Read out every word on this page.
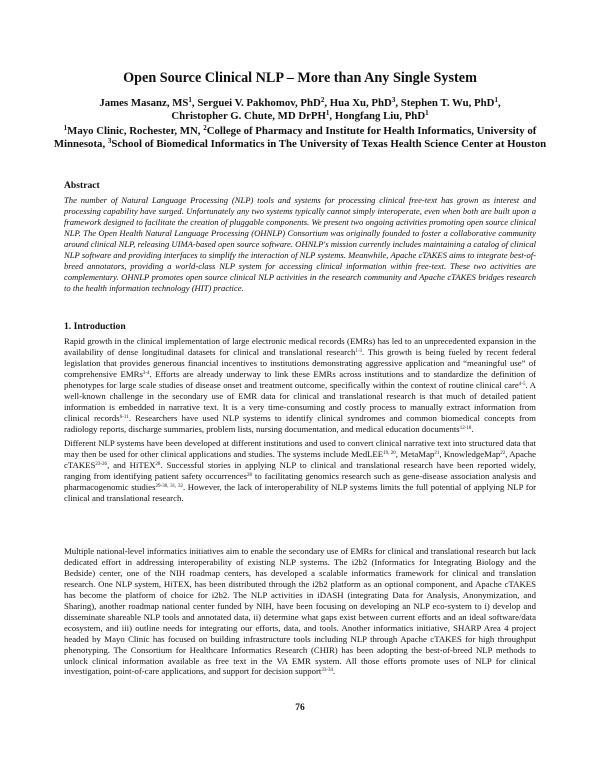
Open Source Clinical NLP – More than Any Single System
James Masanz, $MS^1$, Serguei V. Pakhomov, PhD$^2$, Hua Xu, PhD$^3$, Stephen T. Wu, PhD$^1$,
Christopher G. Chute, MD DrPH$^1$, Hongfang Liu, PhD$^1$
$^1$Mayo Clinic, Rochester, MN, $^2$College of Pharmacy and Institute for Health Informatics, University of Minnesota, $^3$School of Biomedical Informatics in The University of Texas Health Science Center at Houston
Abstract
The number of Natural Language Processing (NLP) tools and systems for processing clinical free-text has grown as interest and processing capability have surged. Unfortunately any two systems typically cannot simply interoperate, even when both are built upon a framework designed to facilitate the creation of pluggable components. We present two ongoing activities promoting open source clinical NLP. The Open Health Natural Language Processing (OHNLP) Consortium was originally founded to foster a collaborative community around clinical NLP, releasing UIMA-based open source software. OHNLP's mission currently includes maintaining a catalog of clinical NLP software and providing interfaces to simplify the interaction of NLP systems. Meanwhile, Apache cTAKES aims to integrate best-of-breed annotators, providing a world-class NLP system for accessing clinical information within free-text. These two activities are complementary. OHNLP promotes open source clinical NLP activities in the research community and Apache cTAKES bridges research to the health information technology (HIT) practice.
1. Introduction
Rapid growth in the clinical implementation of large electronic medical records (EMRs) has led to an unprecedented expansion in the availability of dense longitudinal datasets for clinical and translational research$^{1-3}$. This growth is being fueled by recent federal legislation that provides generous financial incentives to institutions demonstrating aggressive application and “meaningful use” of comprehensive EMRs$^{3-4}$. Efforts are already underway to link these EMRs across institutions and to standardize the definition of phenotypes for large scale studies of disease onset and treatment outcome, specifically within the context of routine clinical care$^{4-5}$. A well-known challenge in the secondary use of EMR data for clinical and translational research is that much of detailed patient information is embedded in narrative text. It is a very time-consuming and costly process to manually extract information from clinical records$^{6-11}$. Researchers have used NLP systems to identify clinical syndromes and common biomedical concepts from radiology reports, discharge summaries, problem lists, nursing documentation, and medical education documents$^{12-18}$.
Different NLP systems have been developed at different institutions and used to convert clinical narrative text into structured data that may then be used for other clinical applications and studies. The systems include MedLEE$^{19, 20}$, MetaMap$^{21}$, KnowledgeMap$^{22}$, Apache cTAKES$^{23-26}$, and HiTEX$^{28}$. Successful stories in applying NLP to clinical and translational research have been reported widely, ranging from identifying patient safety occurrences$^{28}$ to facilitating genomics research such as gene-disease association analysis and pharmacogenomic studies$^{29-30, 31, 32}$. However, the lack of interoperability of NLP systems limits the full potential of applying NLP for clinical and translational research.
Multiple national-level informatics initiatives aim to enable the secondary use of EMRs for clinical and translational research but lack dedicated effort in addressing interoperability of existing NLP systems. The i2b2 (Informatics for Integrating Biology and the Bedside) center, one of the NIH roadmap centers, has developed a scalable informatics framework for clinical and translation research. One NLP system, HiTEX, has been distributed through the i2b2 platform as an optional component, and Apache cTAKES has become the platform of choice for i2b2. The NLP activities in iDASH (integrating Data for Analysis, Anonymization, and Sharing), another roadmap national center funded by NIH, have been focusing on developing an NLP eco-system to i) develop and disseminate shareable NLP tools and annotated data, ii) determine what gaps exist between current efforts and an ideal software/data ecosystem, and iii) outline needs for integrating our efforts, data, and tools. Another informatics initiative, SHARP Area 4 project headed by Mayo Clinic has focused on building infrastructure tools including NLP through Apache cTAKES for high throughput phenotyping. The Consortium for Healthcare Informatics Research (CHIR) has been adopting the best-of-breed NLP methods to unlock clinical information available as free text in the VA EMR system. All those efforts promote uses of NLP for clinical investigation, point-of-care applications, and support for decision support$^{33-34}$.
76
